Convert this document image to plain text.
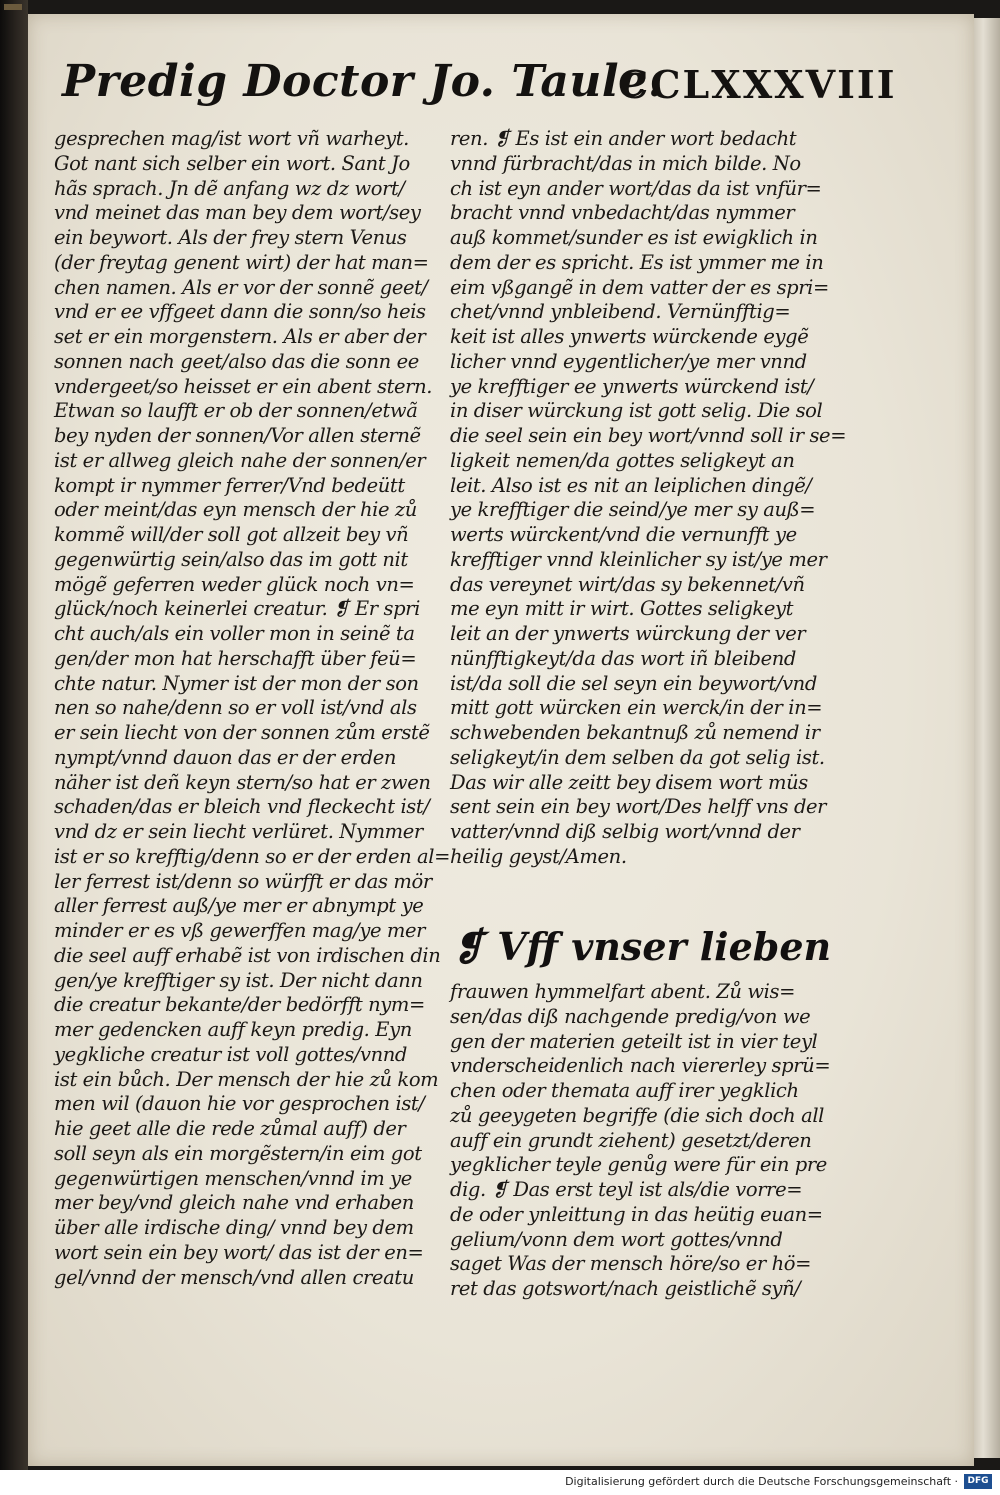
Predig Doctor Jo. Taule.
CCLXXXVIII
gesprechen mag/ist wort vñ warheyt.
Got nant sich selber ein wort. Sant Jo
hãs sprach. Jn dẽ anfang wz dz wort/
vnd meinet das man bey dem wort/sey
ein beywort. Als der frey stern Venus
(der freytag genent wirt) der hat man=
chen namen. Als er vor der sonnẽ geet/
vnd er ee vffgeet dann die sonn/so heis
set er ein morgenstern. Als er aber der
sonnen nach geet/also das die sonn ee
vndergeet/so heisset er ein abent stern.
Etwan so laufft er ob der sonnen/etwã
bey nyden der sonnen/Vor allen sternẽ
ist er allweg gleich nahe der sonnen/er
kompt ir nymmer ferrer/Vnd bedeütt
oder meint/das eyn mensch der hie zů
kommẽ will/der soll got allzeit bey vñ
gegenwürtig sein/also das im gott nit
mögẽ geferren weder glück noch vn=
glück/noch keinerlei creatur. ❡ Er spri
cht auch/als ein voller mon in seinẽ ta
gen/der mon hat herschafft über feü=
chte natur. Nymer ist der mon der son
nen so nahe/denn so er voll ist/vnd als
er sein liecht von der sonnen zům erstẽ
nympt/vnnd dauon das er der erden
näher ist deñ keyn stern/so hat er zwen
schaden/das er bleich vnd fleckecht ist/
vnd dz er sein liecht verlüret. Nymmer
ist er so krefftig/denn so er der erden al=
ler ferrest ist/denn so würfft er das mör
aller ferrest auß/ye mer er abnympt ye
minder er es vß gewerffen mag/ye mer
die seel auff erhabẽ ist von irdischen din
gen/ye krefftiger sy ist. Der nicht dann
die creatur bekante/der bedörfft nym=
mer gedencken auff keyn predig. Eyn
yegkliche creatur ist voll gottes/vnnd
ist ein bůch. Der mensch der hie zů kom
men wil (dauon hie vor gesprochen ist/
hie geet alle die rede zůmal auff) der
soll seyn als ein morgẽstern/in eim got
gegenwürtigen menschen/vnnd im ye
mer bey/vnd gleich nahe vnd erhaben
über alle irdische ding/ vnnd bey dem
wort sein ein bey wort/ das ist der en=
gel/vnnd der mensch/vnd allen creatu
ren. ❡ Es ist ein ander wort bedacht
vnnd fürbracht/das in mich bilde. No
ch ist eyn ander wort/das da ist vnfür=
bracht vnnd vnbedacht/das nymmer
auß kommet/sunder es ist ewigklich in
dem der es spricht. Es ist ymmer me in
eim vßgangẽ in dem vatter der es spri=
chet/vnnd ynbleibend. Vernünfftig=
keit ist alles ynwerts würckende eygẽ
licher vnnd eygentlicher/ye mer vnnd
ye krefftiger ee ynwerts würckend ist/
in diser würckung ist gott selig. Die sol
die seel sein ein bey wort/vnnd soll ir se=
ligkeit nemen/da gottes seligkeyt an
leit. Also ist es nit an leiplichen dingẽ/
ye krefftiger die seind/ye mer sy auß=
werts würckent/vnd die vernunfft ye
krefftiger vnnd kleinlicher sy ist/ye mer
das vereynet wirt/das sy bekennet/vñ
me eyn mitt ir wirt. Gottes seligkeyt
leit an der ynwerts würckung der ver
nünfftigkeyt/da das wort iñ bleibend
ist/da soll die sel seyn ein beywort/vnd
mitt gott würcken ein werck/in der in=
schwebenden bekantnuß zů nemend ir
seligkeyt/in dem selben da got selig ist.
Das wir alle zeitt bey disem wort müs
sent sein ein bey wort/Des helff vns der
vatter/vnnd diß selbig wort/vnnd der
heilig geyst/Amen.
❡ Vff vnser lieben
frauwen hymmelfart abent. Zů wis=
sen/das diß nachgende predig/von we
gen der materien geteilt ist in vier teyl
vnderscheidenlich nach viererley sprü=
chen oder themata auff irer yegklich
zů geeygeten begriffe (die sich doch all
auff ein grundt ziehent) gesetzt/deren
yegklicher teyle genůg were für ein pre
dig. ❡ Das erst teyl ist als/die vorre=
de oder ynleittung in das heütig euan=
gelium/vonn dem wort gottes/vnnd
saget Was der mensch höre/so er hö=
ret das gotswort/nach geistlichẽ syñ/
Digitalisierung gefördert durch die Deutsche Forschungsgemeinschaft ·	DFG
